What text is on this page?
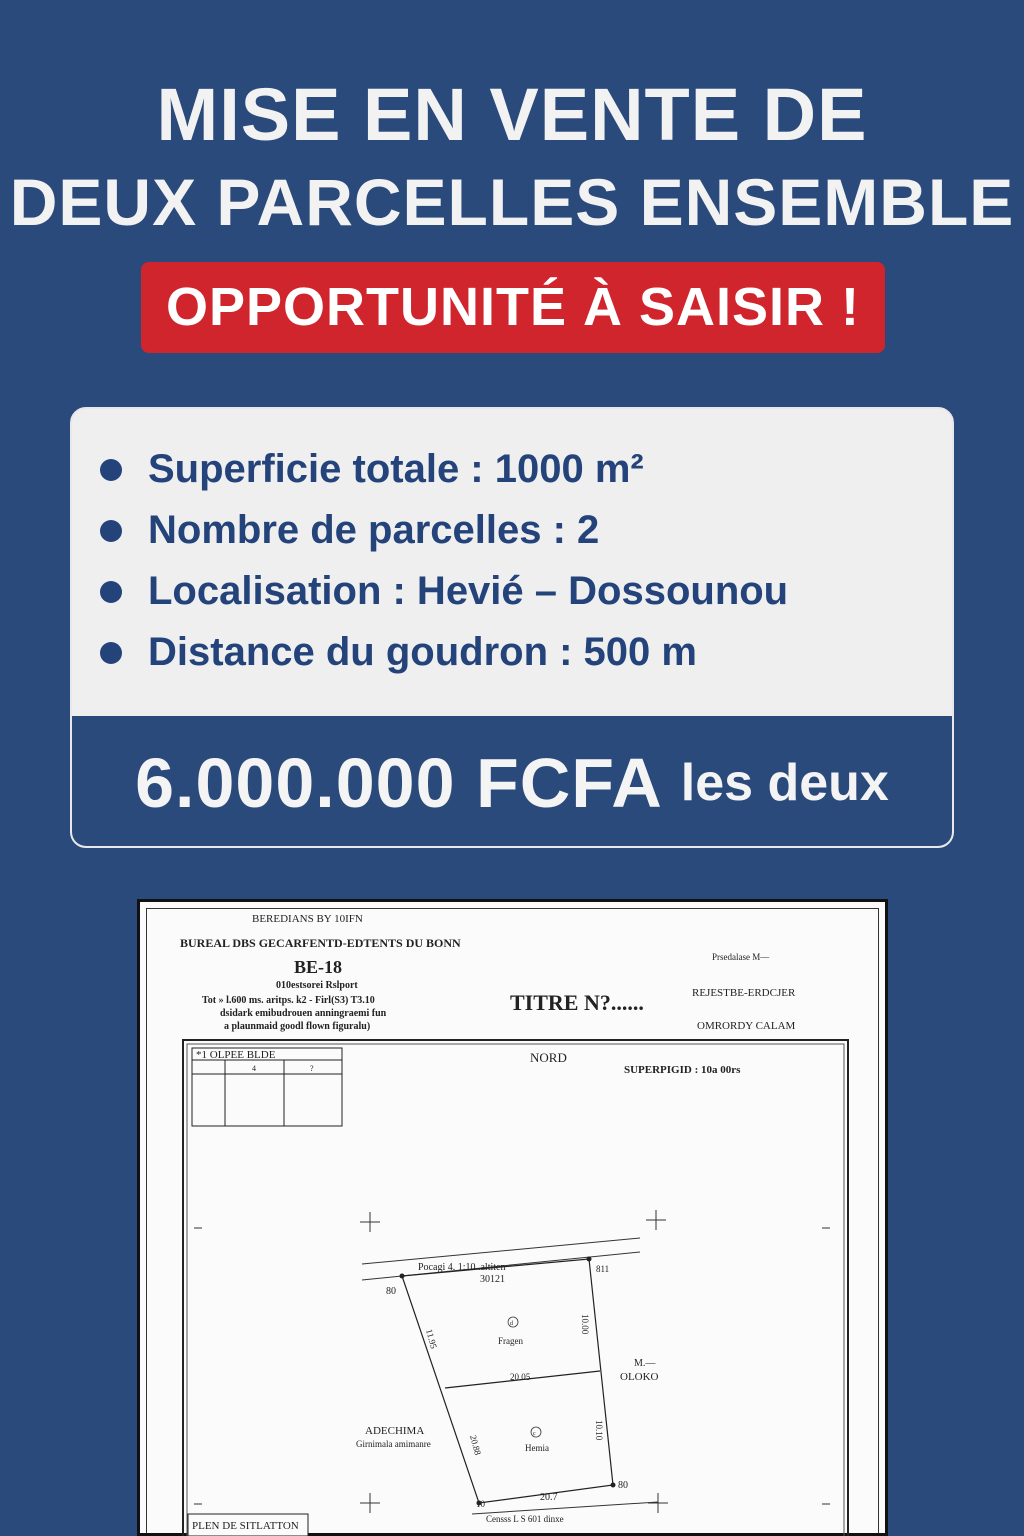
MISE EN VENTE DE
DEUX PARCELLES ENSEMBLE
OPPORTUNITÉ À SAISIR !
Superficie totale : 1000 m²
Nombre de parcelles : 2
Localisation : Hevié – Dossounou
Distance du goudron : 500 m
6.000.000 FCFA les deux
BEREDIANS BY 10IFN
BUREAL DBS GECARFENTD-EDTENTS DU BONN
BE-18
010estsorei Rslport
Tot » l.600 ms. aritps. k2 - Firl(S3) T3.10
dsidark emibudrouen anningraemi fun
a plaunmaid goodl flown figuralu)
TITRE N?......
Prsedalase M—
REJESTBE-ERDCJER
OMRORDY CALAM
*1 OLPEE BLDE
4	?
NORD
SUPERPIGID : 10a 00rs
Pocagi 4. 1:10 .altiten
30121
80
811
11.95
10.00
d
Fragen
20.05
M.—
OLOKO
ADECHIMA
Girnimala amimanre
c
Hemia
20.88
10.10
20.7
80
10
Censss L S 601 dinxe
PLEN DE SITLATTON
